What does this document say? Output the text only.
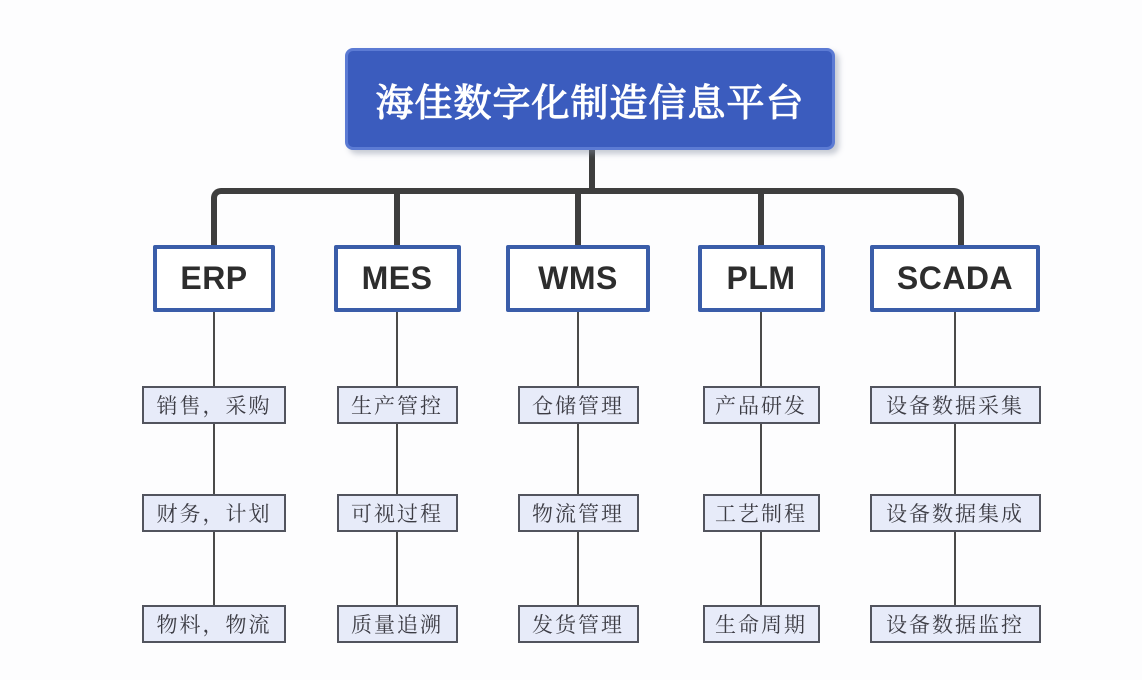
海佳数字化制造信息平台
ERP
销售，采购
财务，计划
物料，物流
MES
生产管控
可视过程
质量追溯
WMS
仓储管理
物流管理
发货管理
PLM
产品研发
工艺制程
生命周期
SCADA
设备数据采集
设备数据集成
设备数据监控
